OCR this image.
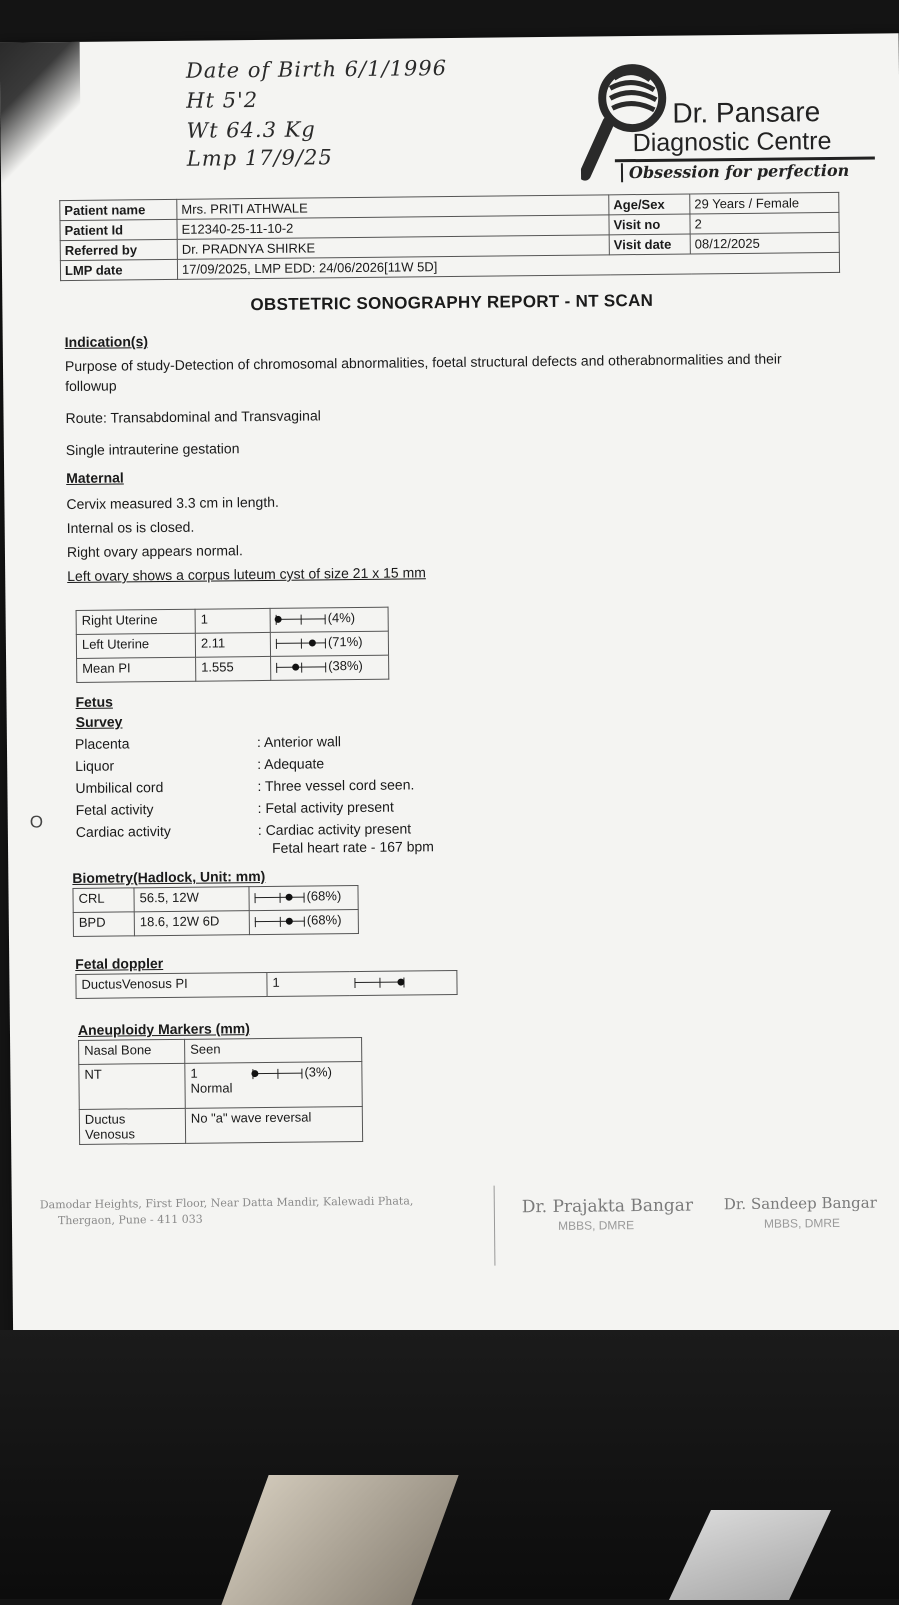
Date of Birth 6/1/1996
Ht 5'2
Wt 64.3 Kg
Lmp 17/9/25
Dr. Pansare
Diagnostic Centre
Obsession for perfection
Patient name	Mrs. PRITI ATHWALE	Age/Sex	29 Years / Female
Patient Id	E12340-25-11-10-2	Visit no	2
Referred by	Dr. PRADNYA SHIRKE	Visit date	08/12/2025
LMP date	17/09/2025, LMP EDD: 24/06/2026[11W 5D]		
OBSTETRIC SONOGRAPHY REPORT - NT SCAN
Indication(s)
Purpose of study-Detection of chromosomal abnormalities, foetal structural defects and otherabnormalities and their
followup
Route: Transabdominal and Transvaginal
Single intrauterine gestation
Maternal
Cervix measured 3.3 cm in length.
Internal os is closed.
Right ovary appears normal.
Left ovary shows a corpus luteum cyst of size 21 x 15 mm
Right Uterine	1	(4%)
Left Uterine	2.11	(71%)
Mean PI	1.555	(38%)
Fetus
Survey
Placenta	: Anterior wall
Liquor	: Adequate
Umbilical cord	: Three vessel cord seen.
Fetal activity	: Fetal activity present
Cardiac activity	: Cardiac activity present
Fetal heart rate - 167 bpm
Biometry(Hadlock, Unit: mm)
CRL	56.5, 12W	(68%)
BPD	18.6, 12W 6D	(68%)
Fetal doppler
DuctusVenosus PI	1	
Aneuploidy Markers (mm)
Nasal Bone	Seen
NT	1 (3%)
Normal

Ductus
Venosus	No "a" wave reversal
O
Damodar Heights, First Floor, Near Datta Mandir, Kalewadi Phata,
Thergaon, Pune - 411 033
Dr. Prajakta Bangar
MBBS, DMRE
Dr. Sandeep Bangar
MBBS, DMRE
